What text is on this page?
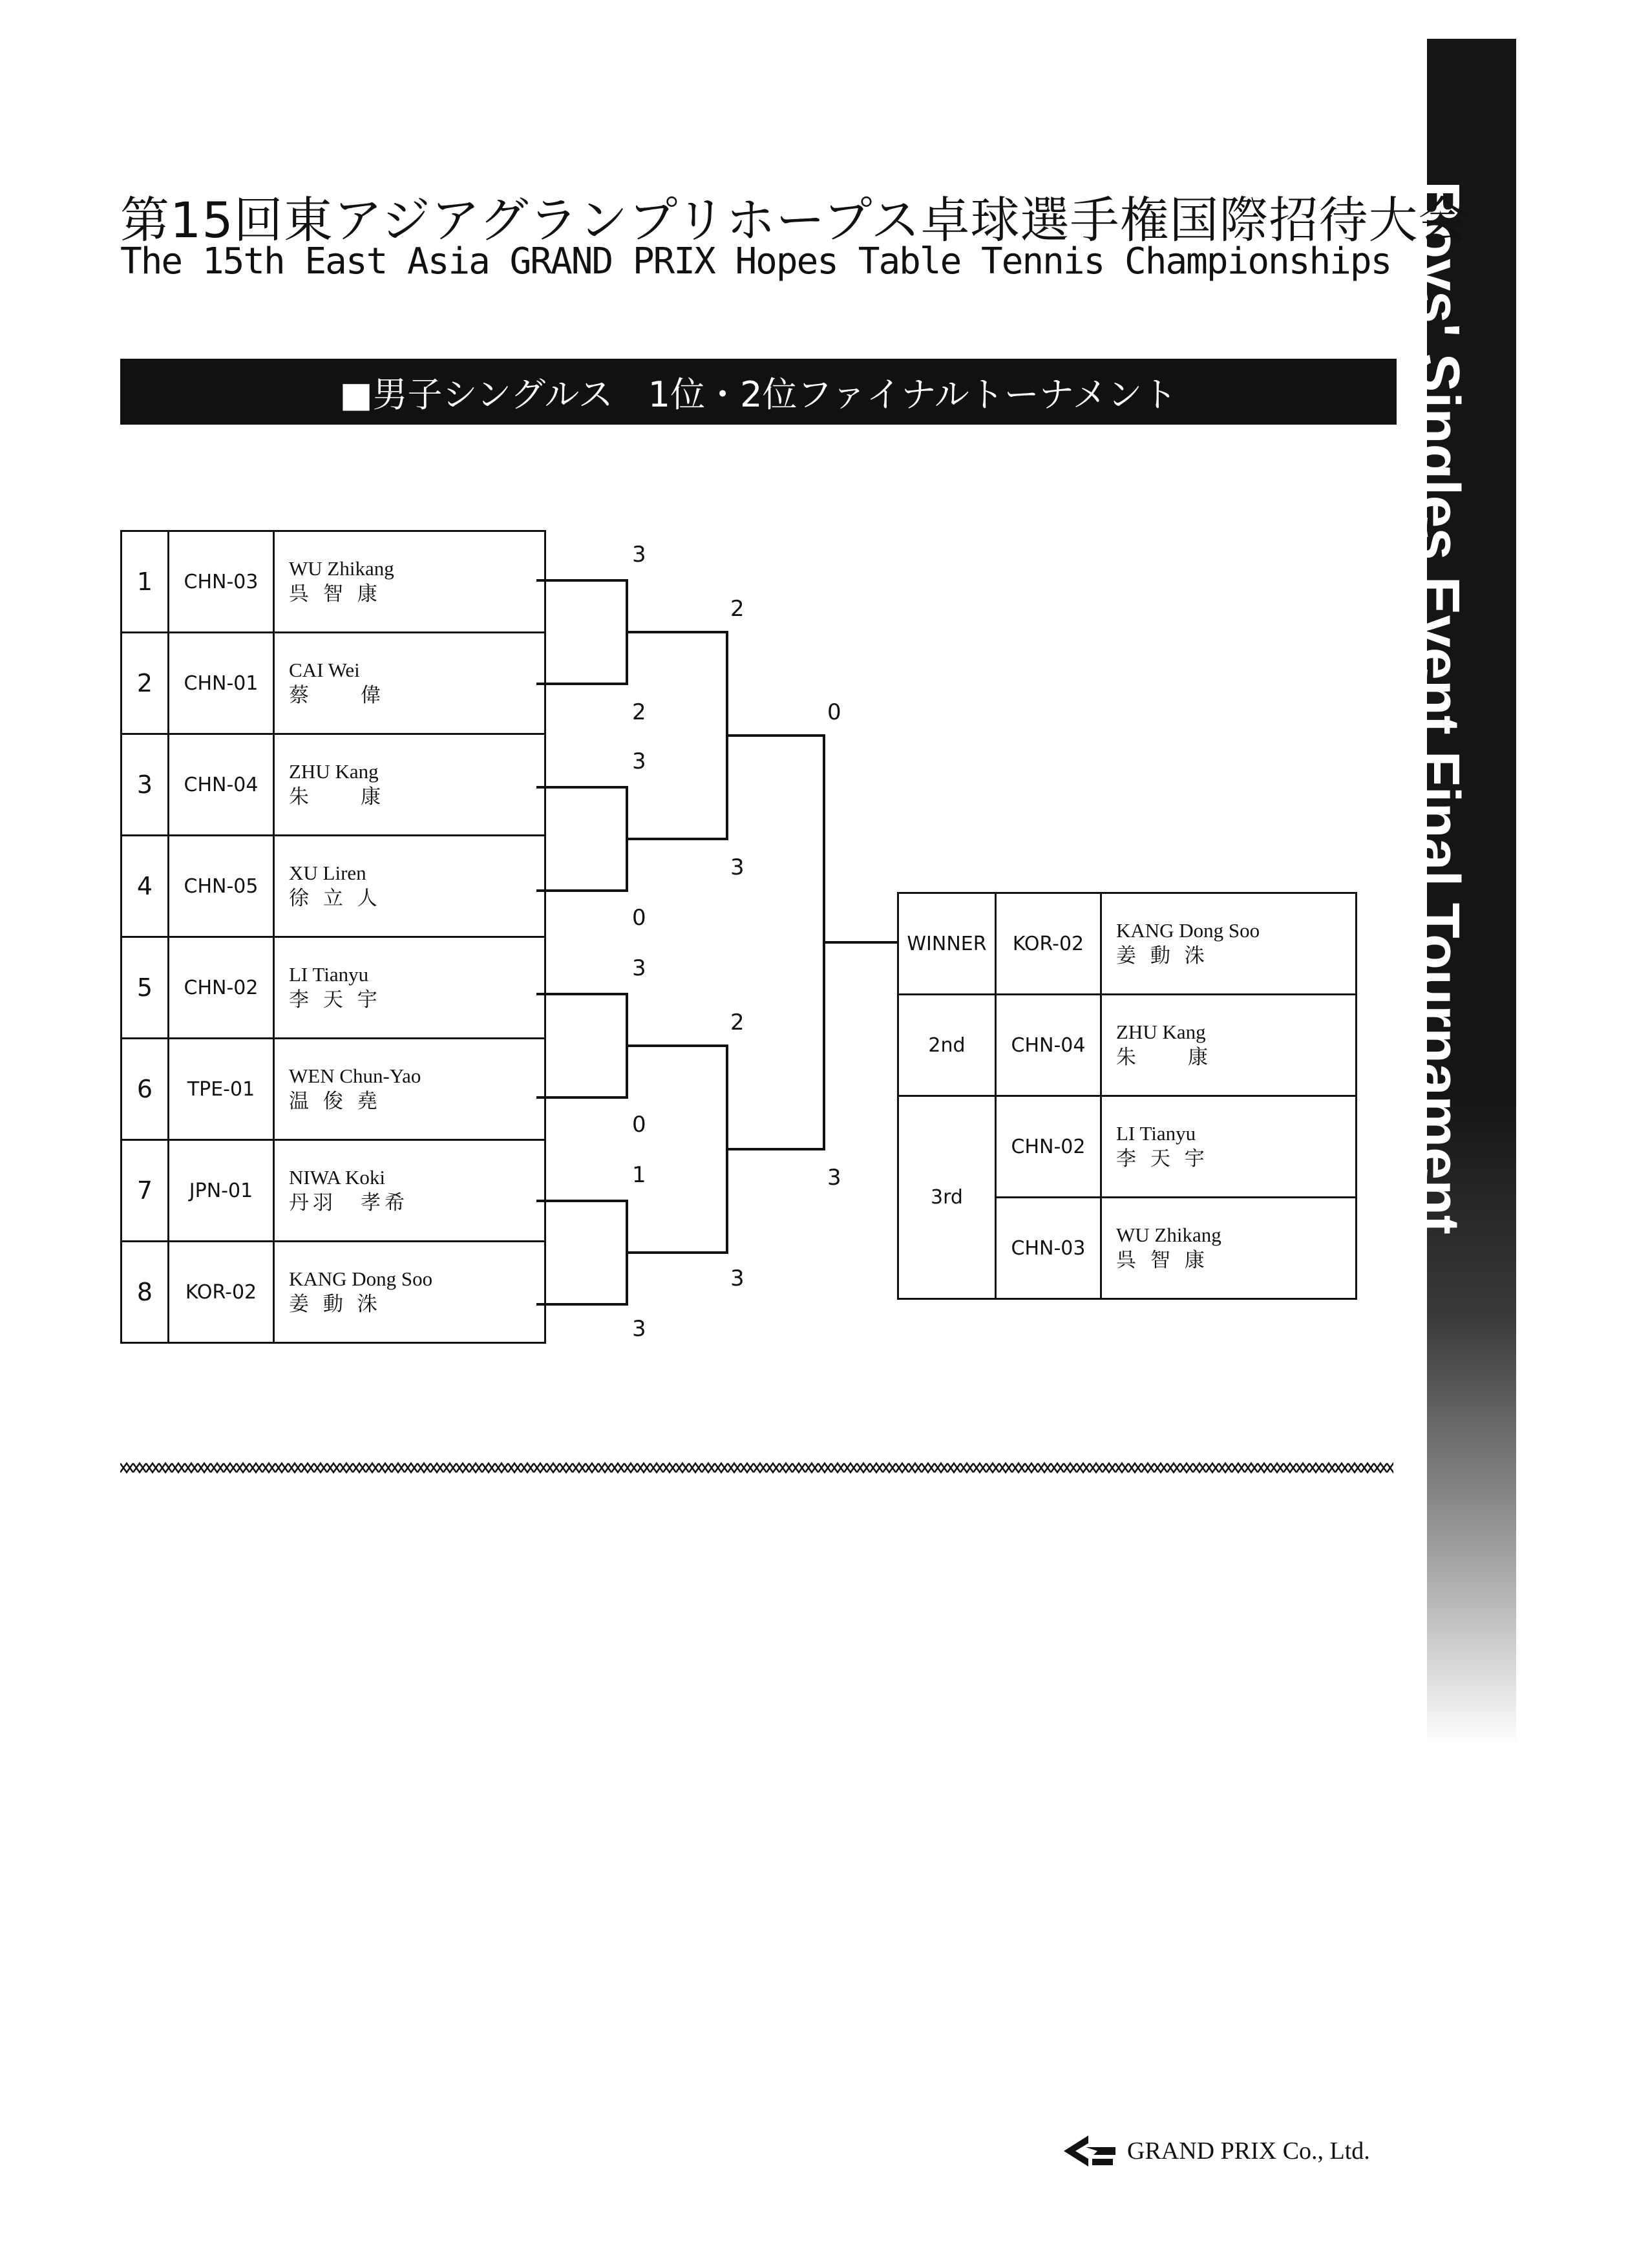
Boys' Singles Event Final Tournament
第15回東アジアグランプリホープス卓球選手権国際招待大会
The 15th East Asia GRAND PRIX Hopes Table Tennis Championships
■男子シングルス　1位・2位ファイナルトーナメント
1	CHN-03	WU Zhikang
呉 智 康

2	CHN-01	CAI Wei
蔡　　偉

3	CHN-04	ZHU Kang
朱　　康

4	CHN-05	XU Liren
徐 立 人

5	CHN-02	LI Tianyu
李 天 宇

6	TPE-01	WEN Chun-Yao
温 俊 堯

7	JPN-01	NIWA Koki
丹羽　孝希

8	KOR-02	KANG Dong Soo
姜 動 洙
3
2
3
0
3
0
1
3
2
3
2
3
0
3
WINNER	KOR-02	KANG Dong Soo
姜 動 洙

2nd	CHN-04	ZHU Kang
朱　　康

3rd	CHN-02	LI Tianyu
李 天 宇

	CHN-03	WU Zhikang
呉 智 康
GRAND PRIX Co., Ltd.
